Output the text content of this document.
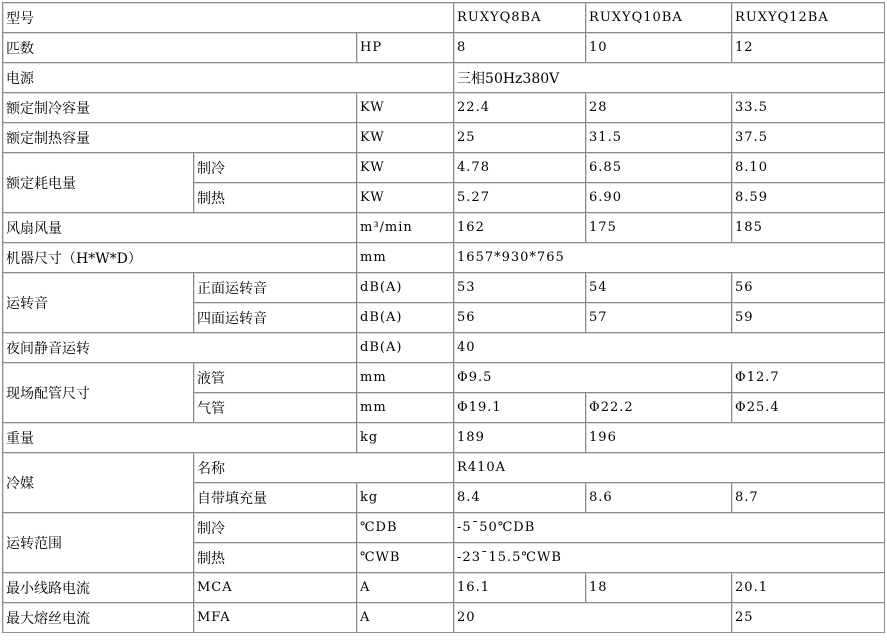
型号			RUXYQ8BA	RUXYQ10BA	RUXYQ12BA
匹数		HP	8	10	12
电源			三相50Hz380V		
额定制冷容量		KW	22.4	28	33.5
额定制热容量		KW	25	31.5	37.5
额定耗电量	制冷	KW	4.78	6.85	8.10
	制热	KW	5.27	6.90	8.59
风扇风量		m³/min	162	175	185
机器尺寸（H*W*D）		mm	1657*930*765		
运转音	正面运转音	dB(A)	53	54	56
	四面运转音	dB(A)	56	57	59
夜间静音运转		dB(A)	40		
现场配管尺寸	液管	mm	Φ9.5		Φ12.7
	气管	mm	Φ19.1	Φ22.2	Φ25.4
重量		kg	189	196	
冷媒	名称		R410A		
	自带填充量	kg	8.4	8.6	8.7
运转范围	制冷	℃DB	-5¯50℃DB		
	制热	℃WB	-23¯15.5℃WB		
最小线路电流	MCA	A	16.1	18	20.1
最大熔丝电流	MFA	A	20		25
